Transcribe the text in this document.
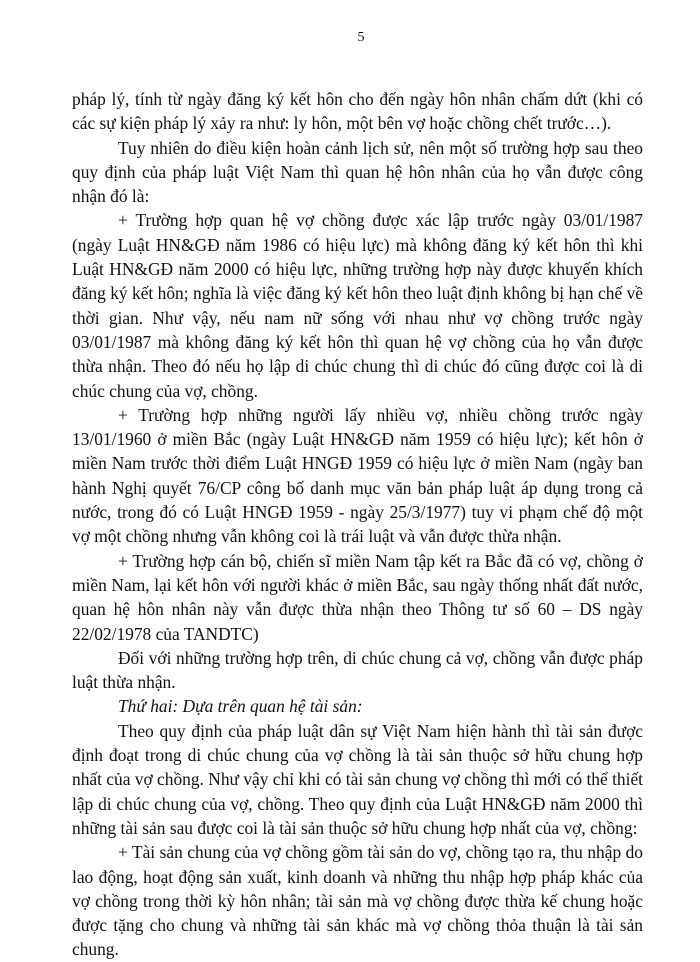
5

pháp lý, tính từ ngày đăng ký kết hôn cho đến ngày hôn nhân chấm dứt (khi có các sự kiện pháp lý xảy ra như: ly hôn, một bên vợ hoặc chồng chết trước…).

Tuy nhiên do điều kiện hoàn cảnh lịch sử, nên một số trường hợp sau theo quy định của pháp luật Việt Nam thì quan hệ hôn nhân của họ vẫn được công nhận đó là:

+ Trường hợp quan hệ vợ chồng được xác lập trước ngày 03/01/1987 (ngày Luật HN&GĐ năm 1986 có hiệu lực) mà không đăng ký kết hôn thì khi Luật HN&GĐ năm 2000 có hiệu lực, những trường hợp này được khuyến khích đăng ký kết hôn; nghĩa là việc đăng ký kết hôn theo luật định không bị hạn chế về thời gian. Như vậy, nếu nam nữ sống với nhau như vợ chồng trước ngày 03/01/1987 mà không đăng ký kết hôn thì quan hệ vợ chồng của họ vẫn được thừa nhận. Theo đó nếu họ lập di chúc chung thì di chúc đó cũng được coi là di chúc chung của vợ, chồng.

+ Trường hợp những người lấy nhiều vợ, nhiều chồng trước ngày 13/01/1960 ở miền Bắc (ngày Luật HN&GĐ năm 1959 có hiệu lực); kết hôn ở miền Nam trước thời điểm Luật HNGĐ 1959 có hiệu lực ở miền Nam (ngày ban hành Nghị quyết 76/CP công bố danh mục văn bản pháp luật áp dụng trong cả nước, trong đó có Luật HNGĐ 1959 - ngày 25/3/1977) tuy vi phạm chế độ một vợ một chồng nhưng vẫn không coi là trái luật và vẫn được thừa nhận.

+ Trường hợp cán bộ, chiến sĩ miền Nam tập kết ra Bắc đã có vợ, chồng ở miền Nam, lại kết hôn với người khác ở miền Bắc, sau ngày thống nhất đất nước, quan hệ hôn nhân này vẫn được thừa nhận theo Thông tư số 60 – DS ngày 22/02/1978 của TANDTC)

Đối với những trường hợp trên, di chúc chung cả vợ, chồng vẫn được pháp luật thừa nhận.

Thứ hai: Dựa trên quan hệ tài sản:

Theo quy định của pháp luật dân sự Việt Nam hiện hành thì tài sản được định đoạt trong di chúc chung của vợ chồng là tài sản thuộc sở hữu chung hợp nhất của vợ chồng. Như vậy chỉ khi có tài sản chung vợ chồng thì mới có thể thiết lập di chúc chung của vợ, chồng. Theo quy định của Luật HN&GĐ năm 2000 thì những tài sản sau được coi là tài sản thuộc sở hữu chung hợp nhất của vợ, chồng:

+ Tài sản chung của vợ chồng gồm tài sản do vợ, chồng tạo ra, thu nhập do lao động, hoạt động sản xuất, kinh doanh và những thu nhập hợp pháp khác của vợ chồng trong thời kỳ hôn nhân; tài sản mà vợ chồng được thừa kế chung hoặc được tặng cho chung và những tài sản khác mà vợ chồng thỏa thuận là tài sản chung.
